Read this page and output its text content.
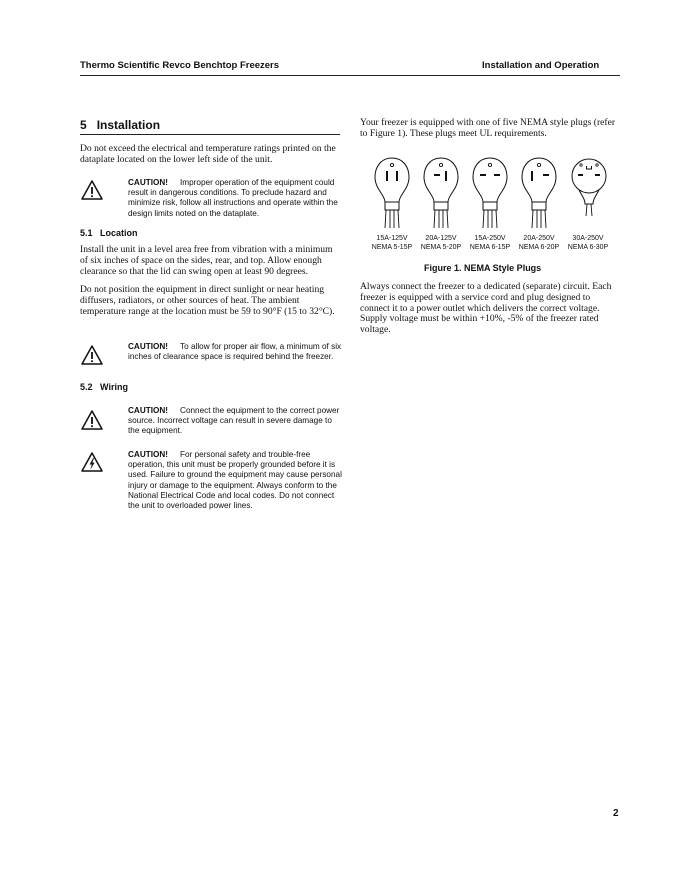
Thermo Scientific Revco Benchtop Freezers	Installation and Operation
5 Installation
Do not exceed the electrical and temperature ratings printed on the dataplate located on the lower left side of the unit.
CAUTION! Improper operation of the equipment could result in dangerous conditions. To preclude hazard and minimize risk, follow all instructions and operate within the design limits noted on the dataplate.
5.1 Location
Install the unit in a level area free from vibration with a minimum of six inches of space on the sides, rear, and top. Allow enough clearance so that the lid can swing open at least 90 degrees.
Do not position the equipment in direct sunlight or near heating diffusers, radiators, or other sources of heat. The ambient temperature range at the location must be 59 to 90°F (15 to 32°C).
CAUTION! To allow for proper air flow, a minimum of six inches of clearance space is required behind the freezer.
5.2 Wiring
CAUTION! Connect the equipment to the correct power source. Incorrect voltage can result in severe damage to the equipment.
CAUTION! For personal safety and trouble-free operation, this unit must be properly grounded before it is used. Failure to ground the equipment may cause personal injury or damage to the equipment. Always conform to the National Electrical Code and local codes. Do not connect the unit to overloaded power lines.
Your freezer is equipped with one of five NEMA style plugs (refer to Figure 1). These plugs meet UL requirements.
15A-125V
NEMA 5-15P
20A-125V
NEMA 5-20P
15A-250V
NEMA 6-15P
20A-250V
NEMA 6-20P
30A-250V
NEMA 6-30P
Figure 1. NEMA Style Plugs
Always connect the freezer to a dedicated (separate) circuit. Each freezer is equipped with a service cord and plug designed to connect it to a power outlet which delivers the correct voltage. Supply voltage must be within +10%, -5% of the freezer rated voltage.
2
